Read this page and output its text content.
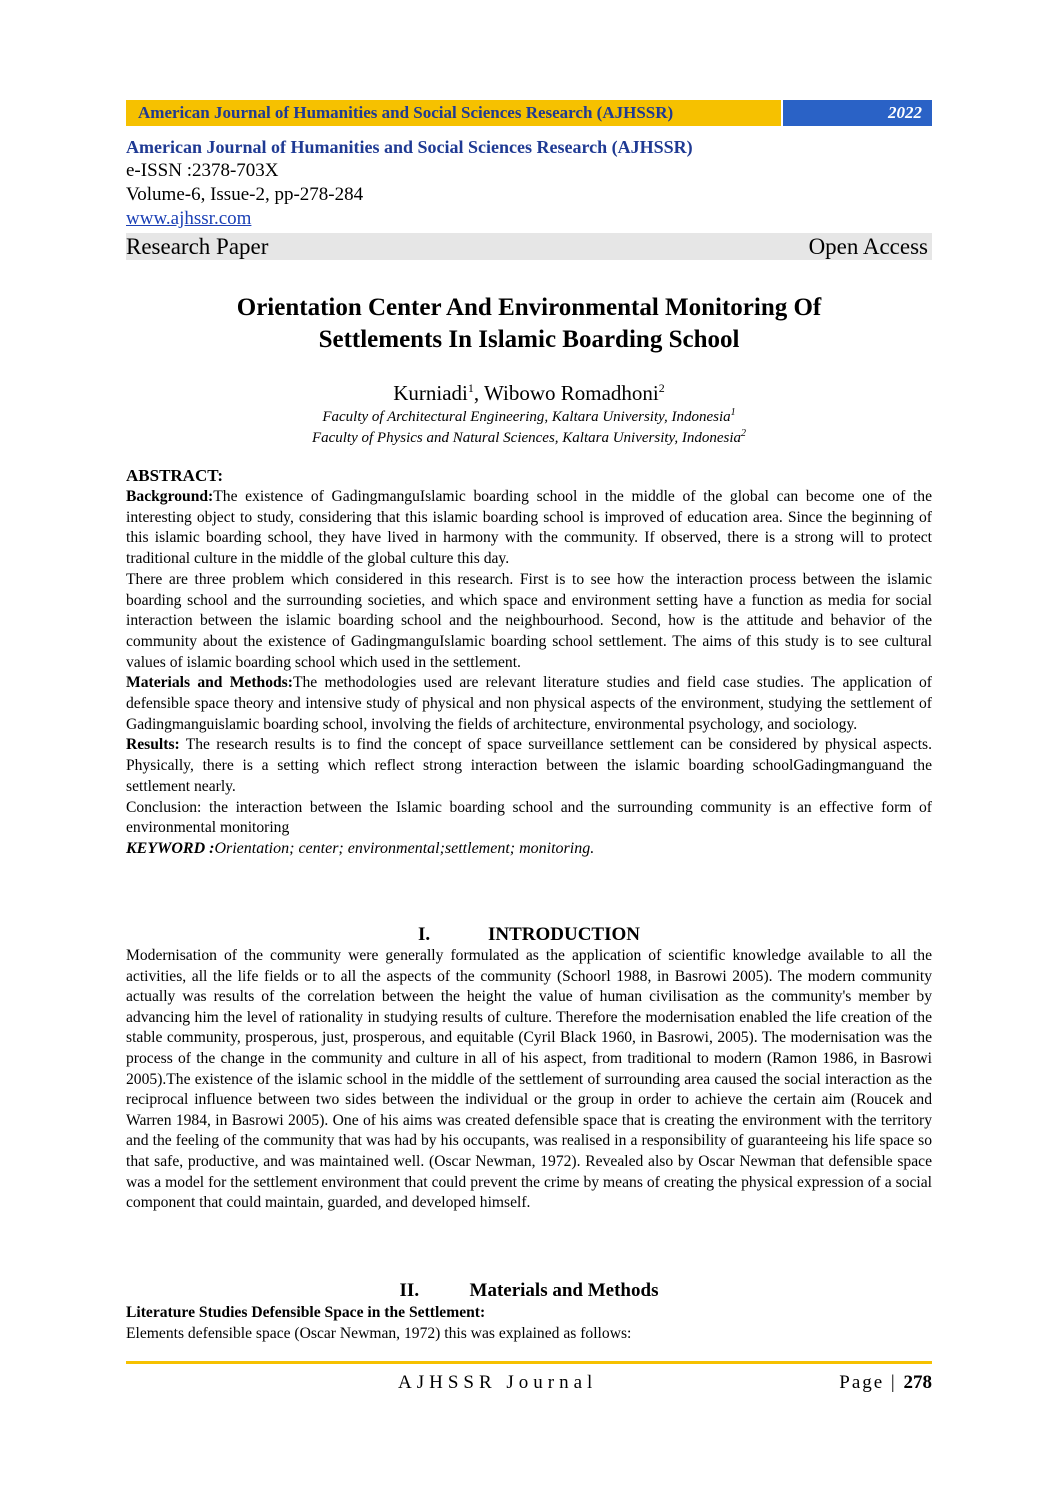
American Journal of Humanities and Social Sciences Research (AJHSSR)	2022
American Journal of Humanities and Social Sciences Research (AJHSSR)
e-ISSN :2378-703X
Volume-6, Issue-2, pp-278-284
www.ajhssr.com
Research Paper	Open Access
Orientation Center And Environmental Monitoring Of
Settlements In Islamic Boarding School
Kurniadi$^1$, Wibowo Romadhoni$^2$
Faculty of Architectural Engineering, Kaltara University, Indonesia$^1$
Faculty of Physics and Natural Sciences, Kaltara University, Indonesia$^2$

ABSTRACT:

Background:The existence of GadingmanguIslamic boarding school in the middle of the global can become one of the interesting object to study, considering that this islamic boarding school is improved of education area. Since the beginning of this islamic boarding school, they have lived in harmony with the community. If observed, there is a strong will to protect traditional culture in the middle of the global culture this day.

There are three problem which considered in this research. First is to see how the interaction process between the islamic boarding school and the surrounding societies, and which space and environment setting have a function as media for social interaction between the islamic boarding school and the neighbourhood. Second, how is the attitude and behavior of the community about the existence of GadingmanguIslamic boarding school settlement. The aims of this study is to see cultural values of islamic boarding school which used in the settlement.

Materials and Methods:The methodologies used are relevant literature studies and field case studies. The application of defensible space theory and intensive study of physical and non physical aspects of the environment, studying the settlement of Gadingmanguislamic boarding school, involving the fields of architecture, environmental psychology, and sociology.

Results: The research results is to find the concept of space surveillance settlement can be considered by physical aspects. Physically, there is a setting which reflect strong interaction between the islamic boarding schoolGadingmanguand the settlement nearly.

Conclusion: the interaction between the Islamic boarding school and the surrounding community is an effective form of environmental monitoring

KEYWORD :Orientation; center; environmental;settlement; monitoring.

I.	INTRODUCTION

Modernisation of the community were generally formulated as the application of scientific knowledge available to all the activities, all the life fields or to all the aspects of the community (Schoorl 1988, in Basrowi 2005). The modern community actually was results of the correlation between the height the value of human civilisation as the community's member by advancing him the level of rationality in studying results of culture. Therefore the modernisation enabled the life creation of the stable community, prosperous, just, prosperous, and equitable (Cyril Black 1960, in Basrowi, 2005). The modernisation was the process of the change in the community and culture in all of his aspect, from traditional to modern (Ramon 1986, in Basrowi 2005).The existence of the islamic school in the middle of the settlement of surrounding area caused the social interaction as the reciprocal influence between two sides between the individual or the group in order to achieve the certain aim (Roucek and Warren 1984, in Basrowi 2005). One of his aims was created defensible space that is creating the environment with the territory and the feeling of the community that was had by his occupants, was realised in a responsibility of guaranteeing his life space so that safe, productive, and was maintained well. (Oscar Newman, 1972). Revealed also by Oscar Newman that defensible space was a model for the settlement environment that could prevent the crime by means of creating the physical expression of a social component that could maintain, guarded, and developed himself.

II.	Materials and Methods

Literature Studies Defensible Space in the Settlement:

Elements defensible space (Oscar Newman, 1972) this was explained as follows:

AJHSSR Journal	Page | 278
